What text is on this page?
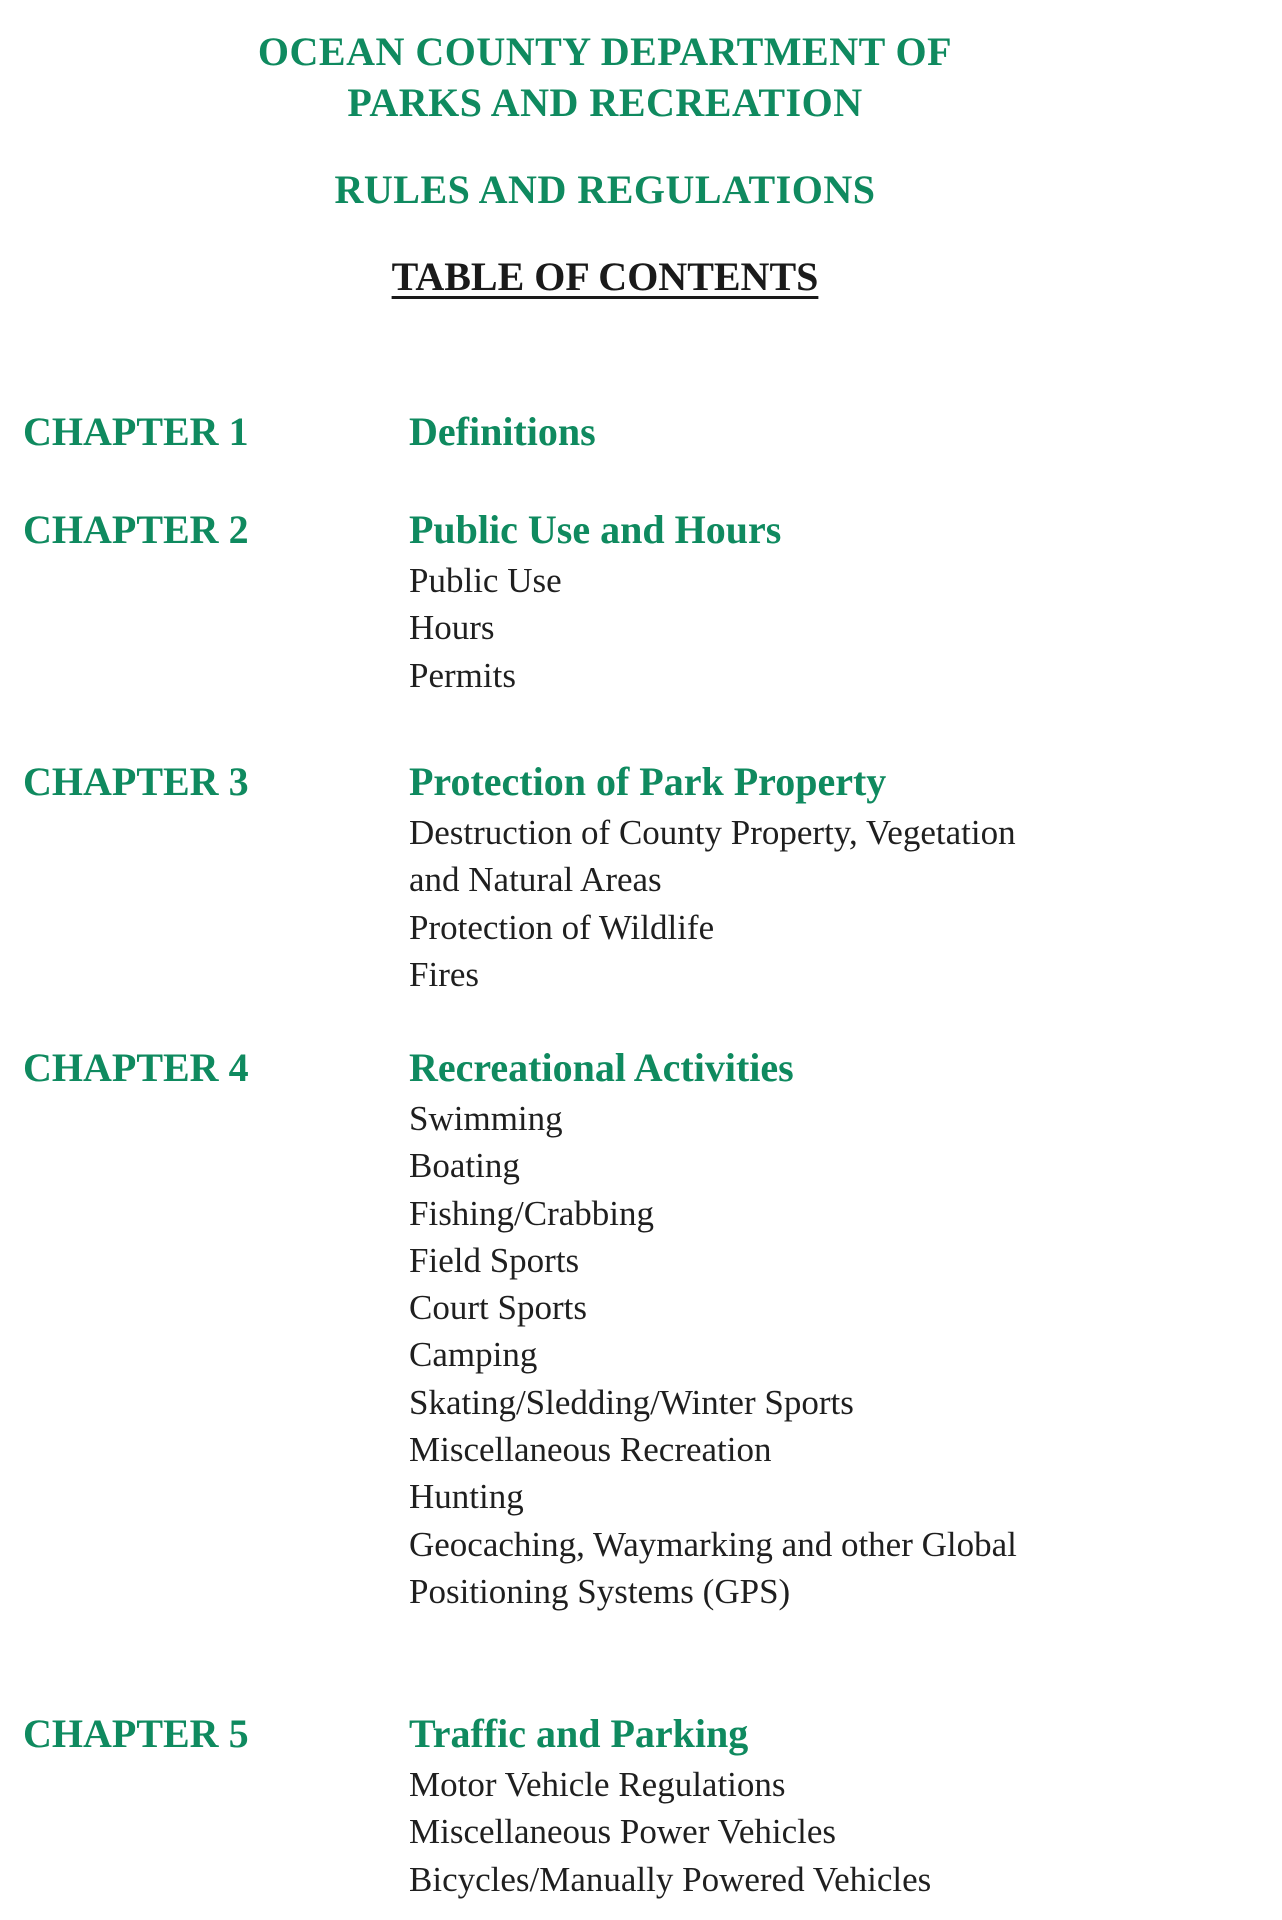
OCEAN COUNTY DEPARTMENT OF
PARKS AND RECREATION
RULES AND REGULATIONS
TABLE OF CONTENTS
CHAPTER 1	Definitions
CHAPTER 2	Public Use and Hours
Public Use
Hours
Permits
CHAPTER 3	Protection of Park Property
Destruction of County Property, Vegetation
and Natural Areas
Protection of Wildlife
Fires
CHAPTER 4	Recreational Activities
Swimming
Boating
Fishing/Crabbing
Field Sports
Court Sports
Camping
Skating/Sledding/Winter Sports
Miscellaneous Recreation
Hunting
Geocaching, Waymarking and other Global
Positioning Systems (GPS)
CHAPTER 5	Traffic and Parking
Motor Vehicle Regulations
Miscellaneous Power Vehicles
Bicycles/Manually Powered Vehicles
